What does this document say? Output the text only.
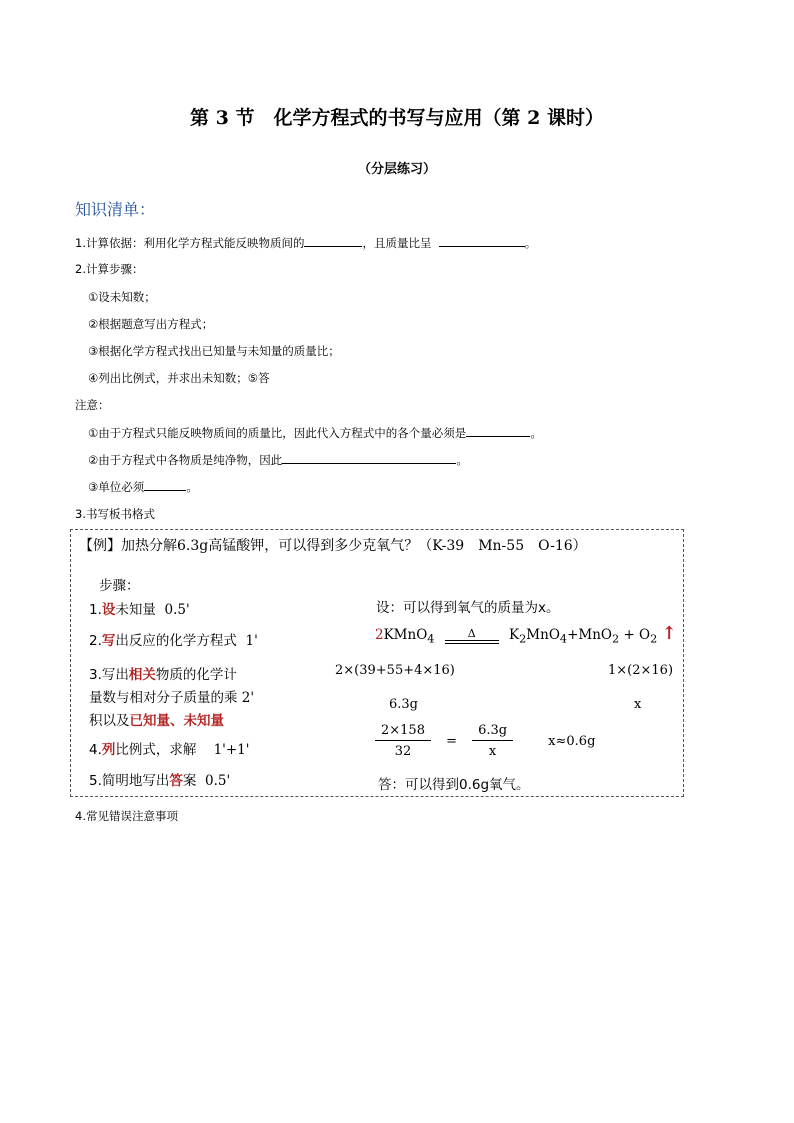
第 3 节　化学方程式的书写与应用（第 2 课时）
（分层练习）
知识清单：
1.计算依据：利用化学方程式能反映物质间的	，且质量比呈	。
2.计算步骤：
①设未知数；
②根据题意写出方程式；
③根据化学方程式找出已知量与未知量的质量比；
④列出比例式，并求出未知数；⑤答
注意：
①由于方程式只能反映物质间的质量比，因此代入方程式中的各个量必须是	。
②由于方程式中各物质是纯净物，因此	。
③单位必须	。
3.书写板书格式
【例】加热分解6.3g高锰酸钾，可以得到多少克氧气？（K-39　Mn-55　O-16）
步骤：
1.设未知量 0.5'
2.写出反应的化学方程式 1'
3.写出相关物质的化学计
量数与相对分子质量的乘 2'
积以及已知量、未知量
4.列比例式，求解 1'+1'
5.简明地写出答案 0.5'
设：可以得到氧气的质量为x。
2KMnO$_4$	Δ	$K_2MnO_4+MnO_2 + O_2$ ↑
2×(39+55+4×16)	1×(2×16)
6.3g	x
$\frac{2\times 158}{32} = \frac{6.3g}{x}$	x≈0.6g
答：可以得到0.6g氧气。
4.常见错误注意事项
